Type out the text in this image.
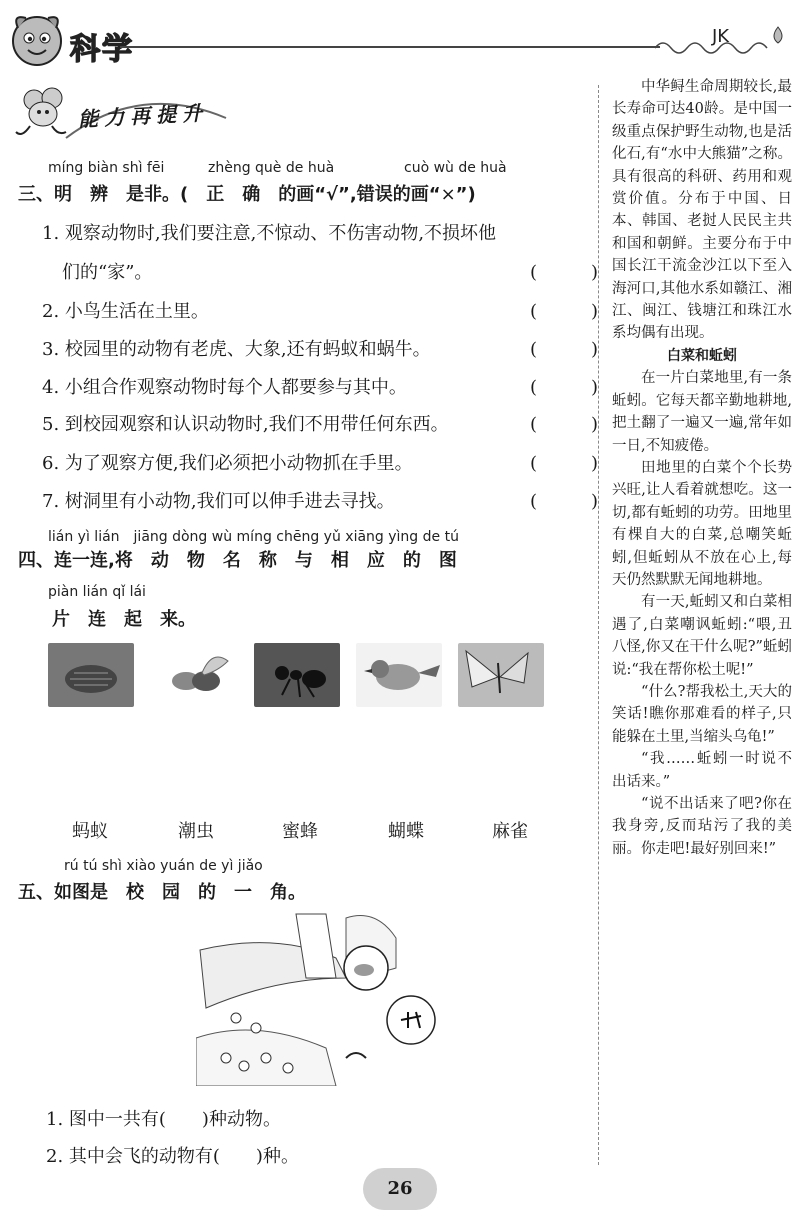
科学	JK
能力再提升
míng biàn shì fēi	zhèng què de huà	cuò wù de huà
三、明　辨　是非。(　正　确　的画“√”,错误的画“×”)
1. 观察动物时,我们要注意,不惊动、不伤害动物,不损坏他
们的“家”。	(　　　)
2. 小鸟生活在土里。	(　　　)
3. 校园里的动物有老虎、大象,还有蚂蚁和蜗牛。	(　　　)
4. 小组合作观察动物时每个人都要参与其中。	(　　　)
5. 到校园观察和认识动物时,我们不用带任何东西。	(　　　)
6. 为了观察方便,我们必须把小动物抓在手里。	(　　　)
7. 树洞里有小动物,我们可以伸手进去寻找。	(　　　)
lián yì lián　jiāng dòng wù míng chēng yǔ xiāng yìng de tú
四、连一连,将　动　物　名　称　与　相　应　的　图
piàn lián qǐ lái
片　连　起　来。
蚂蚁	潮虫	蜜蜂	蝴蝶	麻雀
rú tú shì xiào yuán de yì jiǎo
五、如图是　校　园　的　一　角。
1. 图中一共有(　　)种动物。
2. 其中会飞的动物有(　　)种。

中华鲟生命周期较长,最长寿命可达40龄。是中国一级重点保护野生动物,也是活化石,有“水中大熊猫”之称。具有很高的科研、药用和观赏价值。分布于中国、日本、韩国、老挝人民民主共和国和朝鲜。主要分布于中国长江干流金沙江以下至入海河口,其他水系如赣江、湘江、闽江、钱塘江和珠江水系均偶有出现。

白菜和蚯蚓

在一片白菜地里,有一条蚯蚓。它每天都辛勤地耕地,把土翻了一遍又一遍,常年如一日,不知疲倦。

田地里的白菜个个长势兴旺,让人看着就想吃。这一切,都有蚯蚓的功劳。田地里有棵自大的白菜,总嘲笑蚯蚓,但蚯蚓从不放在心上,每天仍然默默无闻地耕地。

有一天,蚯蚓又和白菜相遇了,白菜嘲讽蚯蚓:“喂,丑八怪,你又在干什么呢?”蚯蚓说:“我在帮你松土呢!”

“什么?帮我松土,天大的笑话!瞧你那难看的样子,只能躲在土里,当缩头乌龟!”

“我……蚯蚓一时说不出话来。”

“说不出话来了吧?你在我身旁,反而玷污了我的美丽。你走吧!最好别回来!”

26
